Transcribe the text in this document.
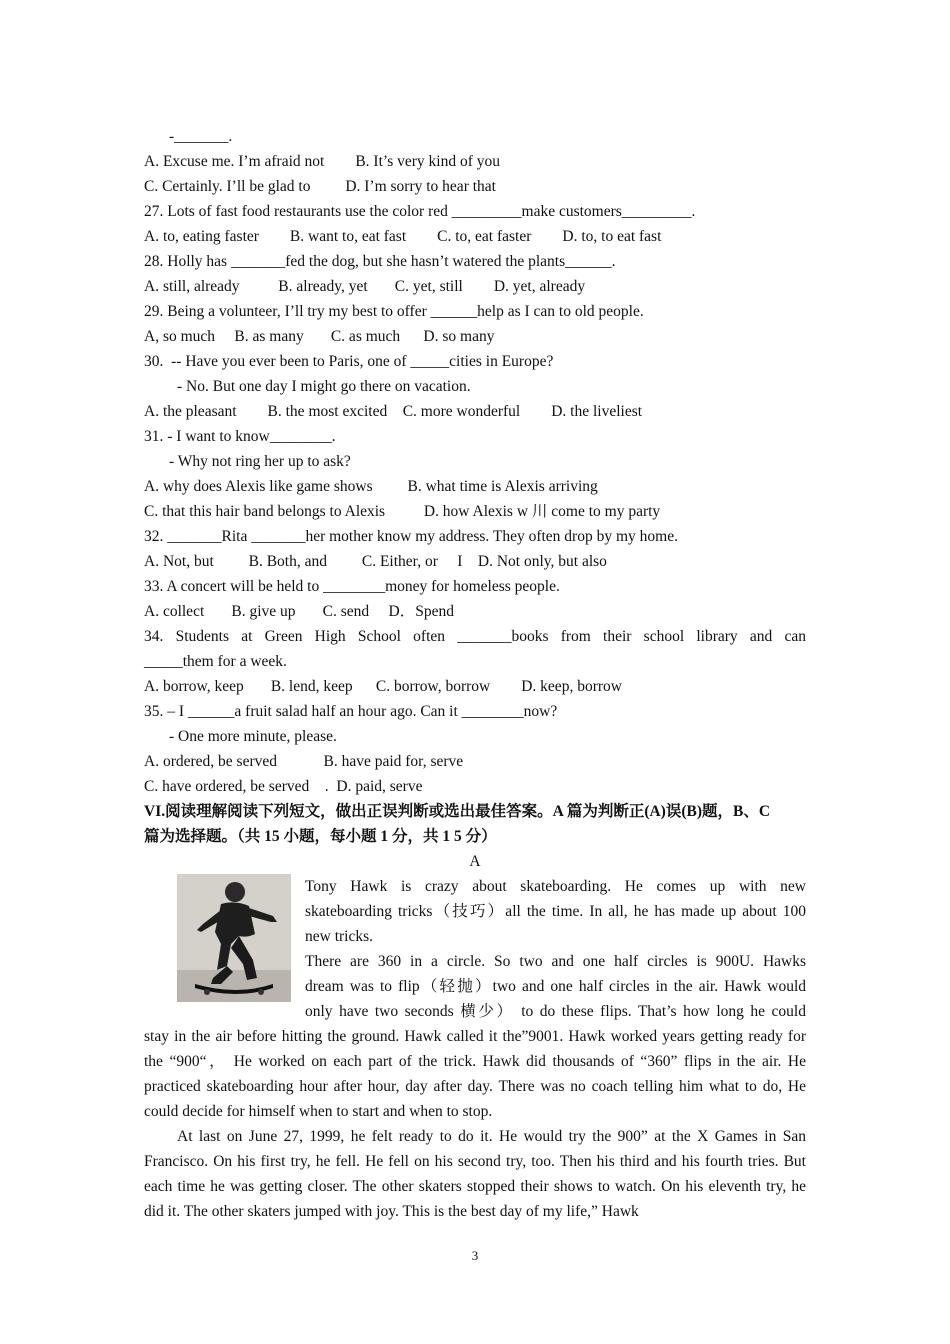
-_______.
A. Excuse me. I’m afraid not        B. It’s very kind of you
C. Certainly. I’ll be glad to         D. I’m sorry to hear that
27. Lots of fast food restaurants use the color red _________make customers_________.
A. to, eating faster        B. want to, eat fast        C. to, eat faster        D. to, to eat fast
28. Holly has _______fed the dog, but she hasn’t watered the plants______.
A. still, already          B. already, yet       C. yet, still        D. yet, already
29. Being a volunteer, I’ll try my best to offer ______help as I can to old people.
A, so much     B. as many       C. as much      D. so many
30.  -- Have you ever been to Paris, one of _____cities in Europe?
- No. But one day I might go there on vacation.
A. the pleasant        B. the most excited    C. more wonderful        D. the liveliest
31. - I want to know________.
- Why not ring her up to ask?
A. why does Alexis like game shows         B. what time is Alexis arriving
C. that this hair band belongs to Alexis          D. how Alexis w 川 come to my party
32. _______Rita _______her mother know my address. They often drop by my home.
A. Not, but         B. Both, and         C. Either, or     I    D. Not only, but also
33. A concert will be held to ________money for homeless people.
A. collect       B. give up       C. send     D．Spend
34. Students at Green High School often _______books from their school library and can
_____them for a week.
A. borrow, keep       B. lend, keep      C. borrow, borrow        D. keep, borrow
35. – I ______a fruit salad half an hour ago. Can it ________now?
- One more minute, please.
A. ordered, be served            B. have paid for, serve
C. have ordered, be served    .  D. paid, serve
VI.阅读理解阅读下列短文，做出正误判断或选出最佳答案。A 篇为判断正(A)误(B)题，B、C
篇为选择题。（共 15 小题，每小题 1 分，共 1 5 分）
A
Tony Hawk is crazy about skateboarding. He comes up with new
skateboarding tricks（技巧）all the time. In all, he has made up about 100
new tricks.
There are 360 in a circle. So two and one half circles is 900U. Hawks
dream was to flip（轻抛）two and one half circles in the air. Hawk would
only have two seconds 横少） to do these flips. That’s how long he could
stay in the air before hitting the ground. Hawk called it the”9001. Hawk worked years getting ready for the “900“， He worked on each part of the trick. Hawk did thousands of “360” flips in the air. He practiced skateboarding hour after hour, day after day. There was no coach telling him what to do, He could decide for himself when to start and when to stop.
At last on June 27, 1999, he felt ready to do it. He would try the 900” at the X Games in San Francisco. On his first try, he fell. He fell on his second try, too. Then his third and his fourth tries. But each time he was getting closer. The other skaters stopped their shows to watch. On his eleventh try, he did it. The other skaters jumped with joy. This is the best day of my life,” Hawk
3
